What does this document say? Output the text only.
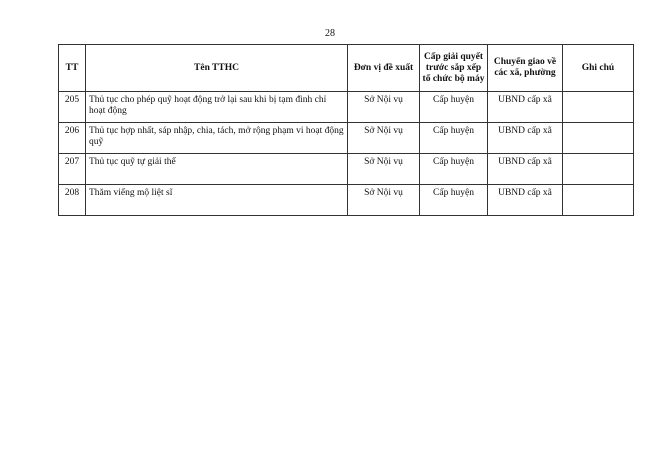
28
TT	Tên TTHC	Đơn vị đề xuất	Cấp giải quyết trước sắp xếp tổ chức bộ máy	Chuyển giao về các xã, phường	Ghi chú
205	Thủ tục cho phép quỹ hoạt động trở lại sau khi bị tạm đình chỉ hoạt động	Sở Nội vụ	Cấp huyện	UBND cấp xã	
206	Thủ tục hợp nhất, sáp nhập, chia, tách, mở rộng phạm vi hoạt động quỹ	Sở Nội vụ	Cấp huyện	UBND cấp xã	
207	Thủ tục quỹ tự giải thể	Sở Nội vụ	Cấp huyện	UBND cấp xã	
208	Thăm viếng mộ liệt sĩ	Sở Nội vụ	Cấp huyện	UBND cấp xã	
